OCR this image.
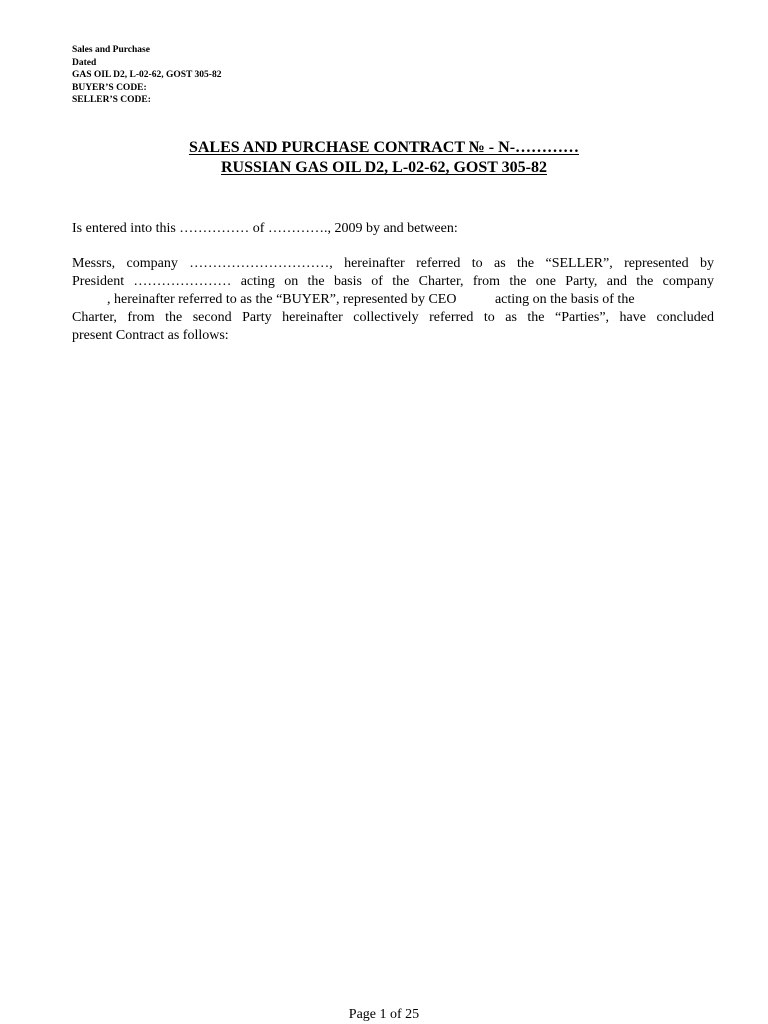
Sales and Purchase
Dated
GAS OIL D2, L-02-62, GOST 305-82
BUYER’S CODE:
SELLER’S CODE:
SALES AND PURCHASE CONTRACT № - N-…………
RUSSIAN GAS OIL D2, L-02-62, GOST 305-82
Is entered into this …………… of …………., 2009 by and between:
Messrs, company …………………………, hereinafter referred to as the “SELLER”, represented by
President ………………… acting on the basis of the Charter, from the one Party, and the company
, hereinafter referred to as the “BUYER”, represented by CEO           acting on the basis of the
Charter, from the second Party hereinafter collectively referred to as the “Parties”, have concluded
present Contract as follows:
Page 1 of 25
